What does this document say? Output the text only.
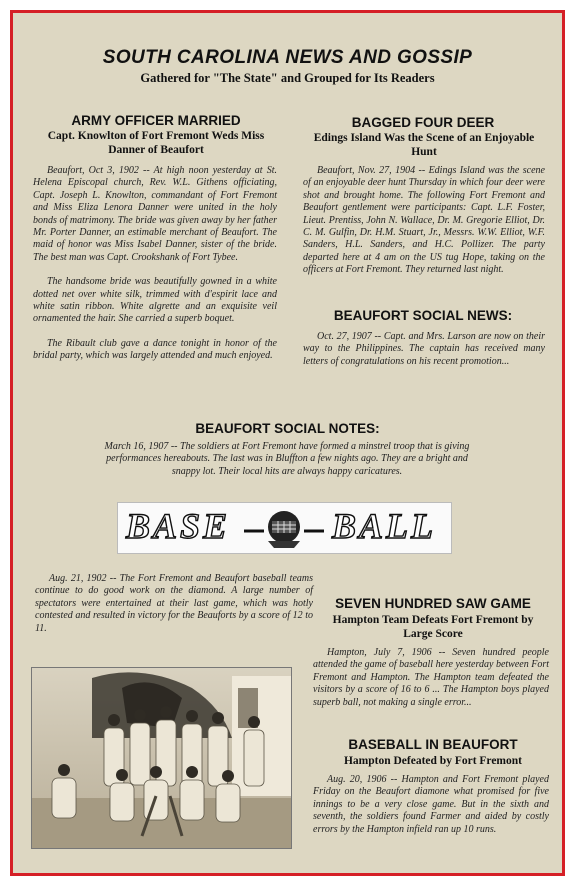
SOUTH CAROLINA NEWS AND GOSSIP
Gathered for "The State" and Grouped for Its Readers
ARMY OFFICER MARRIED
Capt. Knowlton of Fort Fremont Weds Miss Danner of Beaufort

Beaufort, Oct 3, 1902 -- At high noon yesterday at St. Helena Episcopal church, Rev. W.L. Githens officiating, Capt. Joseph L. Knowlton, commandant of Fort Fremont and Miss Eliza Lenora Danner were united in the holy bonds of matrimony. The bride was given away by her father Mr. Porter Danner, an estimable merchant of Beaufort. The maid of honor was Miss Isabel Danner, sister of the bride. The best man was Capt. Crookshank of Fort Tybee.

The handsome bride was beautifully gowned in a white dotted net over white silk, trimmed with d'espirit lace and white satin ribbon. White algrette and an exquisite veil ornamented the hair. She carried a superb boquet.

The Ribault club gave a dance tonight in honor of the bridal party, which was largely attended and much enjoyed.

BAGGED FOUR DEER
Edings Island Was the Scene of an Enjoyable Hunt

Beaufort, Nov. 27, 1904 -- Edings Island was the scene of an enjoyable deer hunt Thursday in which four deer were shot and brought home. The following Fort Fremont and Beaufort gentlement were participants: Capt. L.F. Foster, Lieut. Prentiss, John N. Wallace, Dr. M. Gregorie Elliot, Dr. C. M. Gulfin, Dr. H.M. Stuart, Jr., Messrs. W.W. Elliot, W.F. Sanders, H.L. Sanders, and H.C. Pollizer. The party departed here at 4 am on the US tug Hope, taking on the officers at Fort Fremont. They returned last night.

BEAUFORT SOCIAL NEWS:

Oct. 27, 1907 -- Capt. and Mrs. Larson are now on their way to the Philippines. The captain has received many letters of congratulations on his recent promotion...

BEAUFORT SOCIAL NOTES:

March 16, 1907 -- The soldiers at Fort Fremont have formed a minstrel troop that is giving performances hereabouts. The last was in Bluffton a few nights ago. They are a bright and snappy lot. Their local hits are always happy caricatures.

BASE	BALL

Aug. 21, 1902 -- The Fort Fremont and Beaufort baseball teams continue to do good work on the diamond. A large number of spectators were entertained at their last game, which was hotly contested and resulted in victory for the Beauforts by a score of 12 to 11.

SEVEN HUNDRED SAW GAME
Hampton Team Defeats Fort Fremont by Large Score

Hampton, July 7, 1906 -- Seven hundred people attended the game of baseball here yesterday between Fort Fremont and Hampton. The Hampton team defeated the visitors by a score of 16 to 6 ... The Hampton boys played superb ball, not making a single error...

BASEBALL IN BEAUFORT
Hampton Defeated by Fort Fremont

Aug. 20, 1906 -- Hampton and Fort Fremont played Friday on the Beaufort diamone what promised for five innings to be a very close game. But in the sixth and seventh, the soldiers found Farmer and aided by costly errors by the Hampton infield ran up 10 runs.
